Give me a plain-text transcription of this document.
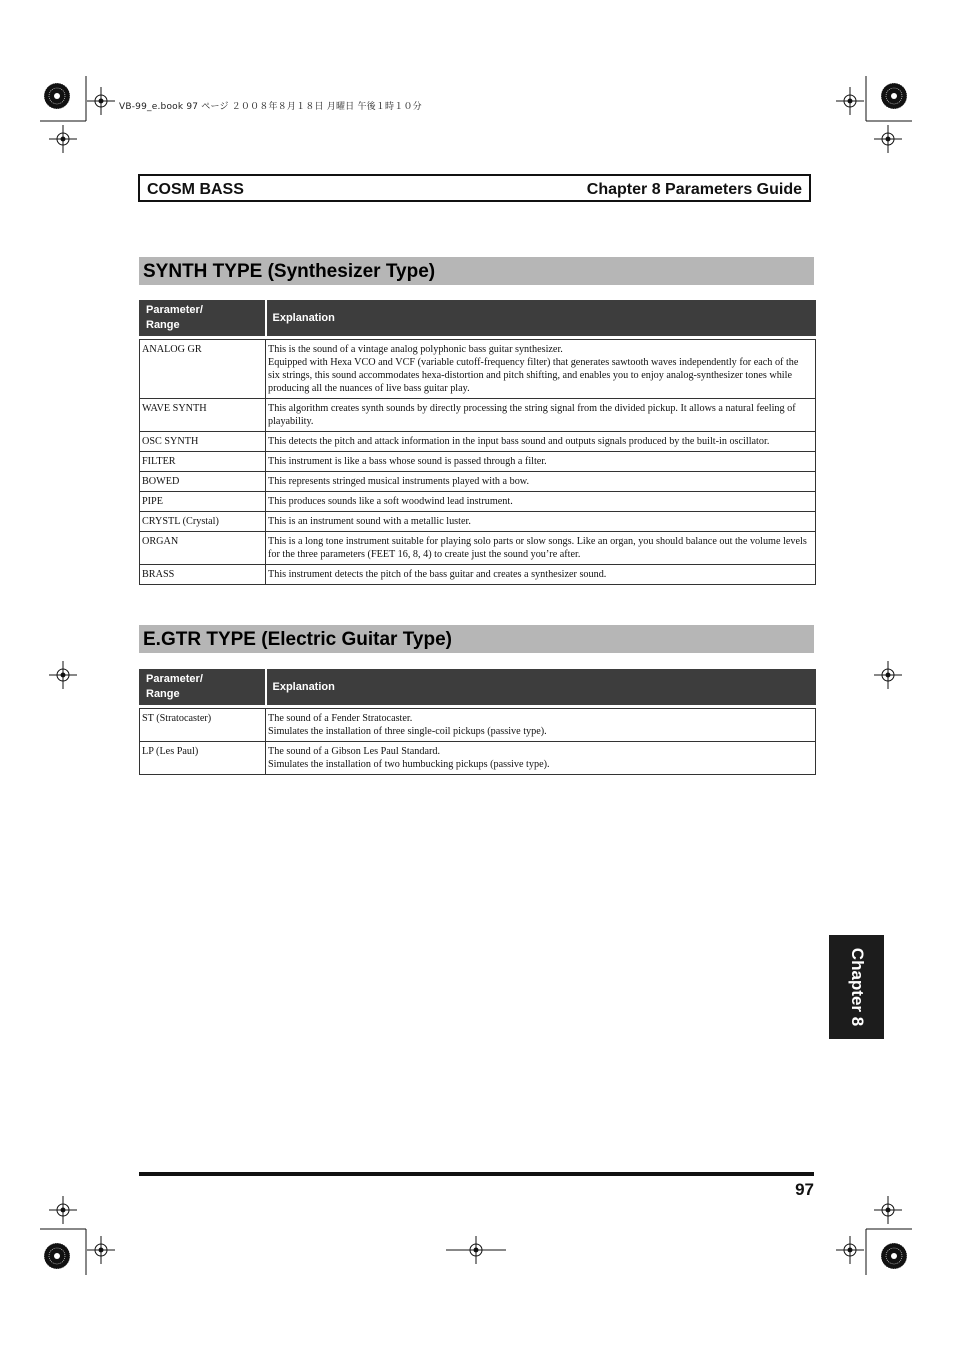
VB-99_e.book 97 ページ ２００８年８月１８日 月曜日 午後１時１０分
COSM BASS	Chapter 8 Parameters Guide
SYNTH TYPE (Synthesizer Type)
Parameter/ Range	Explanation

ANALOG GR	This is the sound of a vintage analog polyphonic bass guitar synthesizer.
Equipped with Hexa VCO and VCF (variable cutoff-frequency filter) that generates sawtooth waves independently for each of the six strings, this sound accommodates hexa-distortion and pitch shifting, and enables you to enjoy analog-synthesizer tones while producing all the nuances of live bass guitar play.
WAVE SYNTH	This algorithm creates synth sounds by directly processing the string signal from the divided pickup. It allows a natural feeling of playability.
OSC SYNTH	This detects the pitch and attack information in the input bass sound and outputs signals produced by the built-in oscillator.
FILTER	This instrument is like a bass whose sound is passed through a filter.
BOWED	This represents stringed musical instruments played with a bow.
PIPE	This produces sounds like a soft woodwind lead instrument.
CRYSTL (Crystal)	This is an instrument sound with a metallic luster.
ORGAN	This is a long tone instrument suitable for playing solo parts or slow songs. Like an organ, you should balance out the volume levels for the three parameters (FEET 16, 8, 4) to create just the sound you’re after.
BRASS	This instrument detects the pitch of the bass guitar and creates a synthesizer sound.
E.GTR TYPE (Electric Guitar Type)
Parameter/ Range	Explanation

ST (Stratocaster)	The sound of a Fender Stratocaster.
Simulates the installation of three single-coil pickups (passive type).
LP (Les Paul)	The sound of a Gibson Les Paul Standard.
Simulates the installation of two humbucking pickups (passive type).
Chapter 8
97
